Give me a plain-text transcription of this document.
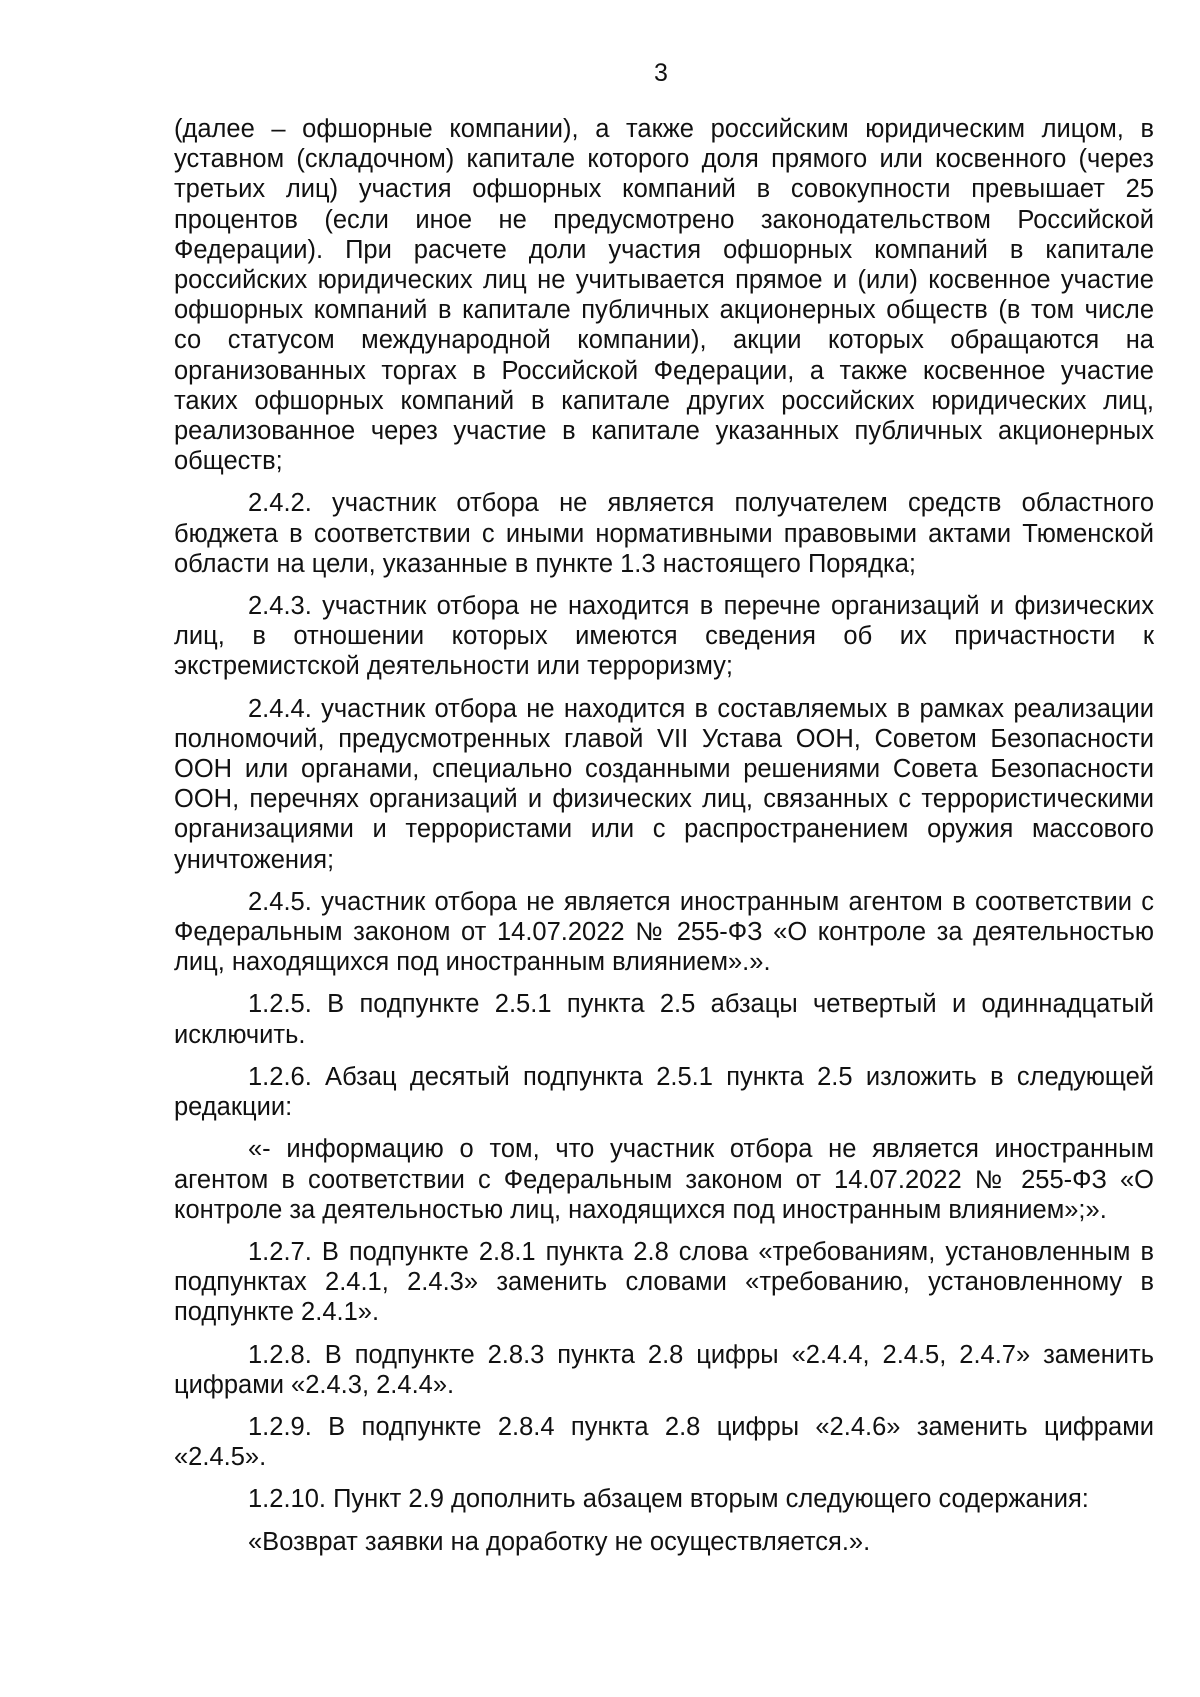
3

(далее – офшорные компании), а также российским юридическим лицом, в уставном (складочном) капитале которого доля прямого или косвенного (через третьих лиц) участия офшорных компаний в совокупности превышает 25 процентов (если иное не предусмотрено законодательством Российской Федерации). При расчете доли участия офшорных компаний в капитале российских юридических лиц не учитывается прямое и (или) косвенное участие офшорных компаний в капитале публичных акционерных обществ (в том числе со статусом международной компании), акции которых обращаются на организованных торгах в Российской Федерации, а также косвенное участие таких офшорных компаний в капитале других российских юридических лиц, реализованное через участие в капитале указанных публичных акционерных обществ;

2.4.2. участник отбора не является получателем средств областного бюджета в соответствии с иными нормативными правовыми актами Тюменской области на цели, указанные в пункте 1.3 настоящего Порядка;

2.4.3. участник отбора не находится в перечне организаций и физических лиц, в отношении которых имеются сведения об их причастности к экстремистской деятельности или терроризму;

2.4.4. участник отбора не находится в составляемых в рамках реализации полномочий, предусмотренных главой VII Устава ООН, Советом Безопасности ООН или органами, специально созданными решениями Совета Безопасности ООН, перечнях организаций и физических лиц, связанных с террористическими организациями и террористами или с распространением оружия массового уничтожения;

2.4.5. участник отбора не является иностранным агентом в соответствии с Федеральным законом от 14.07.2022 № 255-ФЗ «О контроле за деятельностью лиц, находящихся под иностранным влиянием».».

1.2.5. В подпункте 2.5.1 пункта 2.5 абзацы четвертый и одиннадцатый исключить.

1.2.6. Абзац десятый подпункта 2.5.1 пункта 2.5 изложить в следующей редакции:

«- информацию о том, что участник отбора не является иностранным агентом в соответствии с Федеральным законом от 14.07.2022 № 255-ФЗ «О контроле за деятельностью лиц, находящихся под иностранным влиянием»;».

1.2.7. В подпункте 2.8.1 пункта 2.8 слова «требованиям, установленным в подпунктах 2.4.1, 2.4.3» заменить словами «требованию, установленному в подпункте 2.4.1».

1.2.8. В подпункте 2.8.3 пункта 2.8 цифры «2.4.4, 2.4.5, 2.4.7» заменить цифрами «2.4.3, 2.4.4».

1.2.9. В подпункте 2.8.4 пункта 2.8 цифры «2.4.6» заменить цифрами «2.4.5».

1.2.10. Пункт 2.9 дополнить абзацем вторым следующего содержания:

«Возврат заявки на доработку не осуществляется.».
